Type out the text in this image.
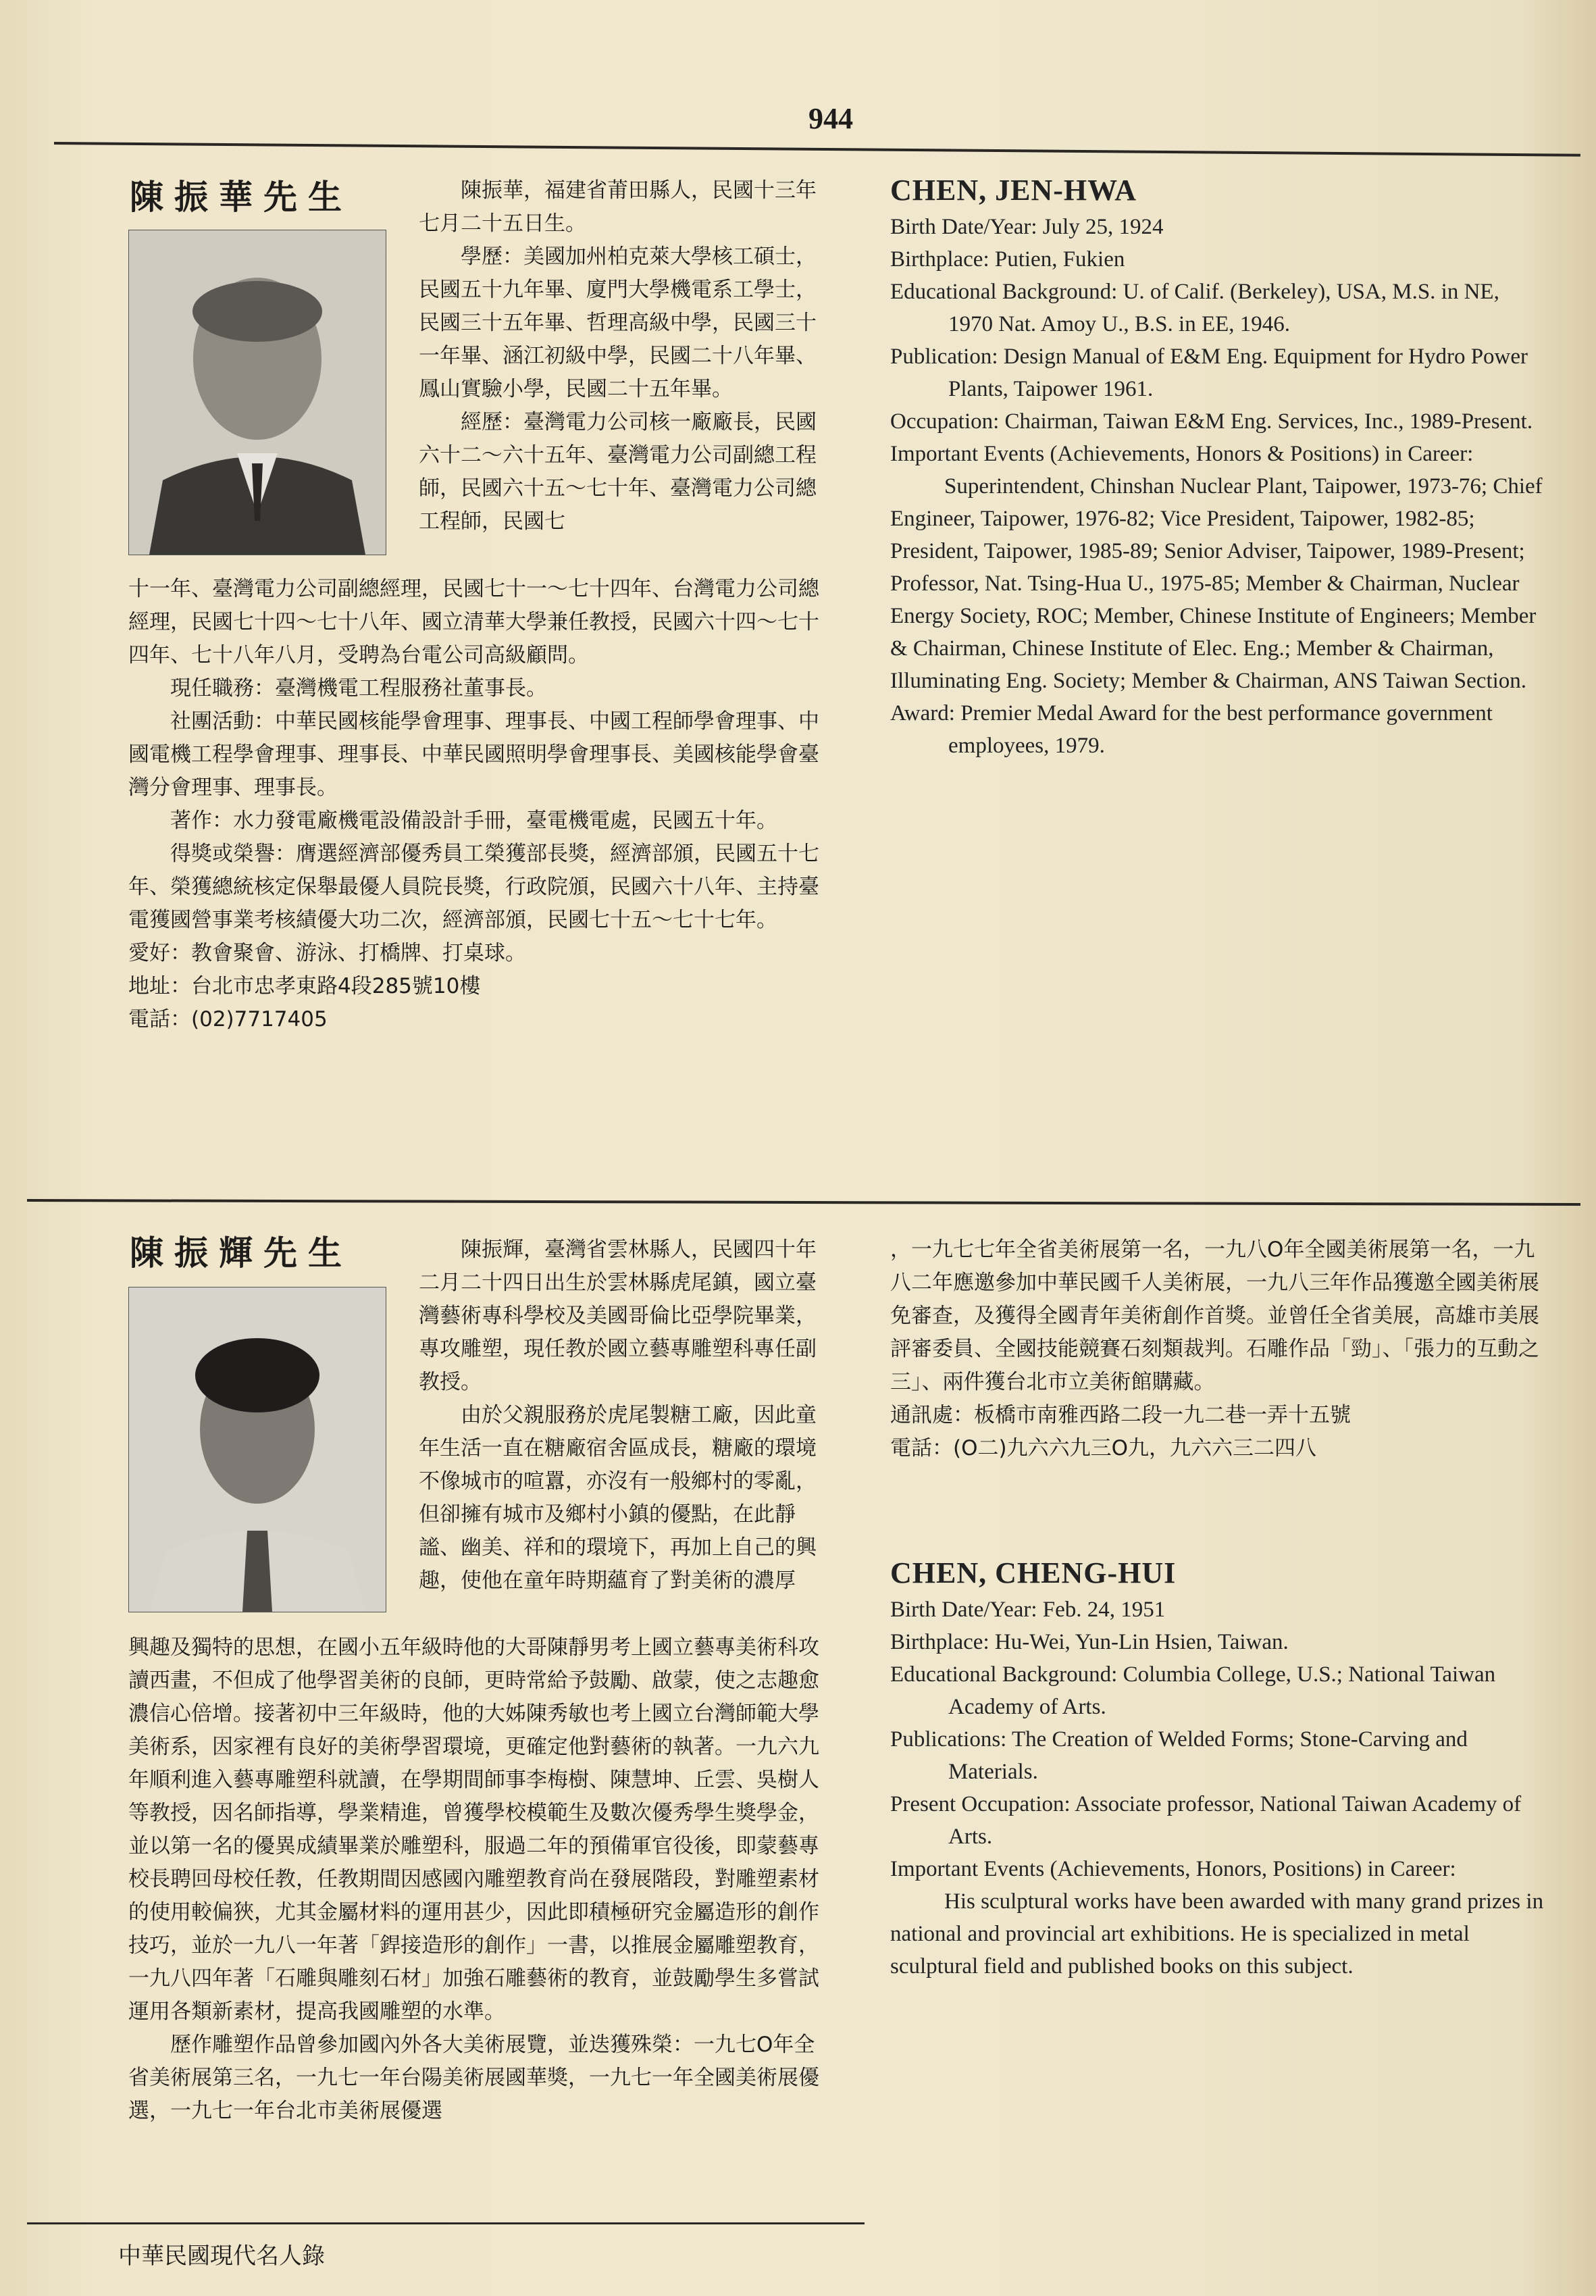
944
陳振華先生	陳振華，福建省莆田縣人，民國十三年七月二十五日生。

學歷：美國加州柏克萊大學核工碩士，民國五十九年畢、廈門大學機電系工學士，民國三十五年畢、哲理高級中學，民國三十一年畢、涵江初級中學，民國二十八年畢、鳳山實驗小學，民國二十五年畢。

經歷：臺灣電力公司核一廠廠長，民國六十二～六十五年、臺灣電力公司副總工程師，民國六十五～七十年、臺灣電力公司總工程師，民國七

十一年、臺灣電力公司副總經理，民國七十一～七十四年、台灣電力公司總經理，民國七十四～七十八年、國立清華大學兼任教授，民國六十四～七十四年、七十八年八月，受聘為台電公司高級顧問。

現任職務：臺灣機電工程服務社董事長。

社團活動：中華民國核能學會理事、理事長、中國工程師學會理事、中國電機工程學會理事、理事長、中華民國照明學會理事長、美國核能學會臺灣分會理事、理事長。

著作：水力發電廠機電設備設計手冊，臺電機電處，民國五十年。

得獎或榮譽：膺選經濟部優秀員工榮獲部長獎，經濟部頒，民國五十七年、榮獲總統核定保舉最優人員院長獎，行政院頒，民國六十八年、主持臺電獲國營事業考核績優大功二次，經濟部頒，民國七十五～七十七年。

愛好：教會聚會、游泳、打橋牌、打桌球。

地址：台北市忠孝東路4段285號10樓

電話：(02)7717405

CHEN, JEN-HWA

Birth Date/Year: July 25, 1924

Birthplace: Putien, Fukien

Educational Background: U. of Calif. (Berkeley), USA, M.S. in NE, 1970 Nat. Amoy U., B.S. in EE, 1946.

Publication: Design Manual of E&M Eng. Equipment for Hydro Power Plants, Taipower 1961.

Occupation: Chairman, Taiwan E&M Eng. Services, Inc., 1989-Present.

Important Events (Achievements, Honors & Positions) in Career:

Superintendent, Chinshan Nuclear Plant, Taipower, 1973-76; Chief Engineer, Taipower, 1976-82; Vice President, Taipower, 1982-85; President, Taipower, 1985-89; Senior Adviser, Taipower, 1989-Present; Professor, Nat. Tsing-Hua U., 1975-85; Member & Chairman, Nuclear Energy Society, ROC; Member, Chinese Institute of Engineers; Member & Chairman, Chinese Institute of Elec. Eng.; Member & Chairman, Illuminating Eng. Society; Member & Chairman, ANS Taiwan Section.

Award: Premier Medal Award for the best performance government employees, 1979.

陳振輝先生	陳振輝，臺灣省雲林縣人，民國四十年二月二十四日出生於雲林縣虎尾鎮，國立臺灣藝術專科學校及美國哥倫比亞學院畢業，專攻雕塑，現任教於國立藝專雕塑科專任副教授。

由於父親服務於虎尾製糖工廠，因此童年生活一直在糖廠宿舍區成長，糖廠的環境不像城市的喧囂，亦沒有一般鄉村的零亂，但卻擁有城市及鄉村小鎮的優點，在此靜謐、幽美、祥和的環境下，再加上自己的興趣，使他在童年時期蘊育了對美術的濃厚

興趣及獨特的思想，在國小五年級時他的大哥陳靜男考上國立藝專美術科攻讀西畫，不但成了他學習美術的良師，更時常給予鼓勵、啟蒙，使之志趣愈濃信心倍增。接著初中三年級時，他的大姊陳秀敏也考上國立台灣師範大學美術系，因家裡有良好的美術學習環境，更確定他對藝術的執著。一九六九年順利進入藝專雕塑科就讀，在學期間師事李梅樹、陳慧坤、丘雲、吳樹人等教授，因名師指導，學業精進，曾獲學校模範生及數次優秀學生獎學金，並以第一名的優異成績畢業於雕塑科，服過二年的預備軍官役後，即蒙藝專校長聘回母校任教，任教期間因感國內雕塑教育尚在發展階段，對雕塑素材的使用較偏狹，尤其金屬材料的運用甚少，因此即積極研究金屬造形的創作技巧，並於一九八一年著「銲接造形的創作」一書，以推展金屬雕塑教育，一九八四年著「石雕與雕刻石材」加強石雕藝術的教育，並鼓勵學生多嘗試運用各類新素材，提高我國雕塑的水準。

歷作雕塑作品曾參加國內外各大美術展覽，並迭獲殊榮：一九七O年全省美術展第三名，一九七一年台陽美術展國華獎，一九七一年全國美術展優選，一九七一年台北市美術展優選

，一九七七年全省美術展第一名，一九八O年全國美術展第一名，一九八二年應邀參加中華民國千人美術展，一九八三年作品獲邀全國美術展免審查，及獲得全國青年美術創作首獎。並曾任全省美展，高雄市美展評審委員、全國技能競賽石刻類裁判。石雕作品「勁」、「張力的互動之三」、兩件獲台北市立美術館購藏。

通訊處：板橋市南雅西路二段一九二巷一弄十五號

電話：(O二)九六六九三O九，九六六三二四八

CHEN, CHENG-HUI

Birth Date/Year: Feb. 24, 1951

Birthplace: Hu-Wei, Yun-Lin Hsien, Taiwan.

Educational Background: Columbia College, U.S.; National Taiwan Academy of Arts.

Publications: The Creation of Welded Forms; Stone-Carving and Materials.

Present Occupation: Associate professor, National Taiwan Academy of Arts.

Important Events (Achievements, Honors, Positions) in Career:

His sculptural works have been awarded with many grand prizes in national and provincial art exhibitions. He is specialized in metal sculptural field and published books on this subject.

中華民國現代名人錄
